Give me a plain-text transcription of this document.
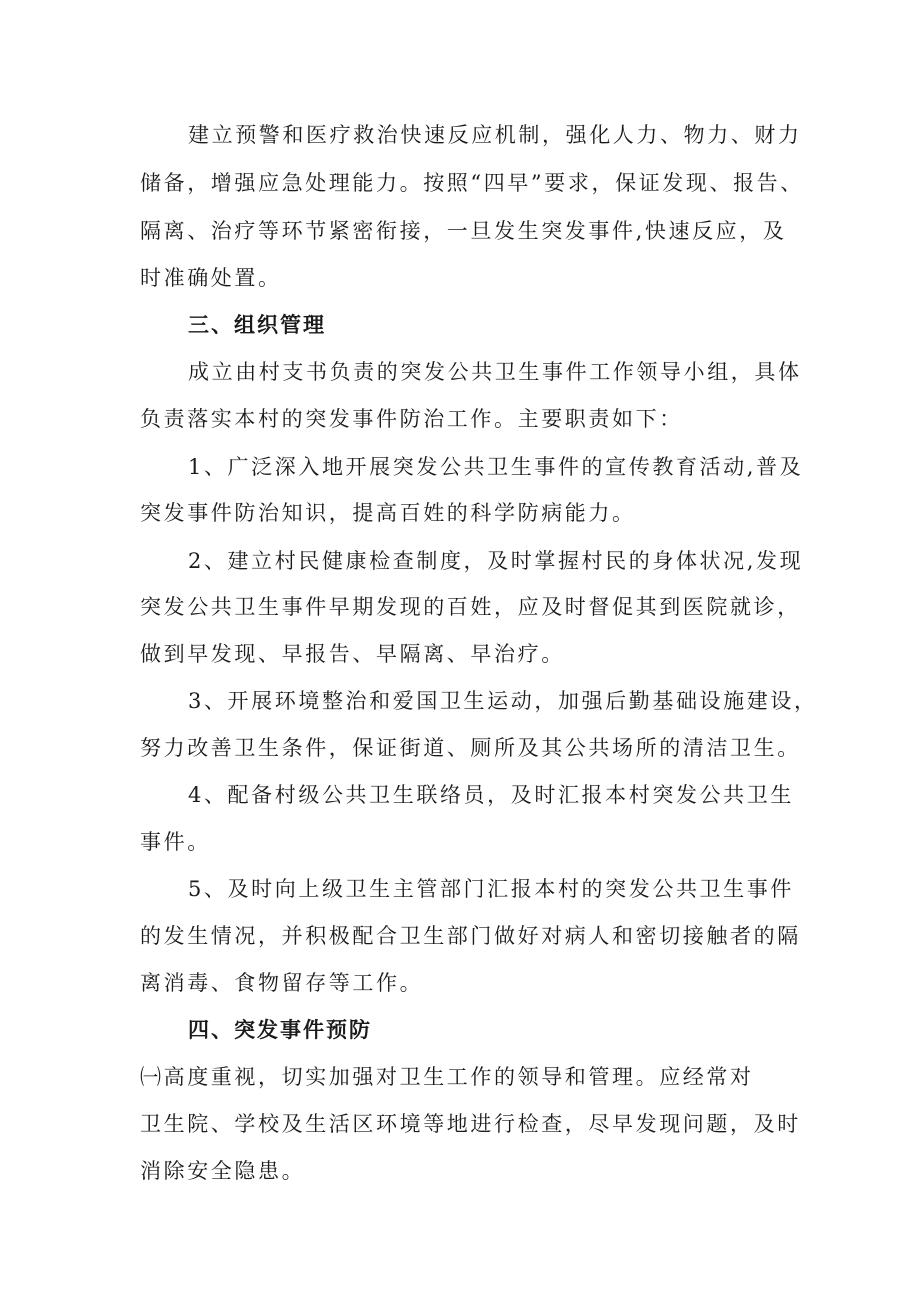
建立预警和医疗救治快速反应机制，强化人力、物力、财力
储备，增强应急处理能力。按照“四早”要求，保证发现、报告、
隔离、治疗等环节紧密衔接，一旦发生突发事件,快速反应，及
时准确处置。
三、组织管理
成立由村支书负责的突发公共卫生事件工作领导小组，具体
负责落实本村的突发事件防治工作。主要职责如下：
1、广泛深入地开展突发公共卫生事件的宣传教育活动,普及
突发事件防治知识，提高百姓的科学防病能力。
2、建立村民健康检查制度，及时掌握村民的身体状况,发现
突发公共卫生事件早期发现的百姓，应及时督促其到医院就诊，
做到早发现、早报告、早隔离、早治疗。
3、开展环境整治和爱国卫生运动，加强后勤基础设施建设，
努力改善卫生条件，保证街道、厕所及其公共场所的清洁卫生。
4、配备村级公共卫生联络员，及时汇报本村突发公共卫生
事件。
5、及时向上级卫生主管部门汇报本村的突发公共卫生事件
的发生情况，并积极配合卫生部门做好对病人和密切接触者的隔
离消毒、食物留存等工作。
四、突发事件预防
㈠高度重视，切实加强对卫生工作的领导和管理。应经常对
卫生院、学校及生活区环境等地进行检查，尽早发现问题，及时
消除安全隐患。
